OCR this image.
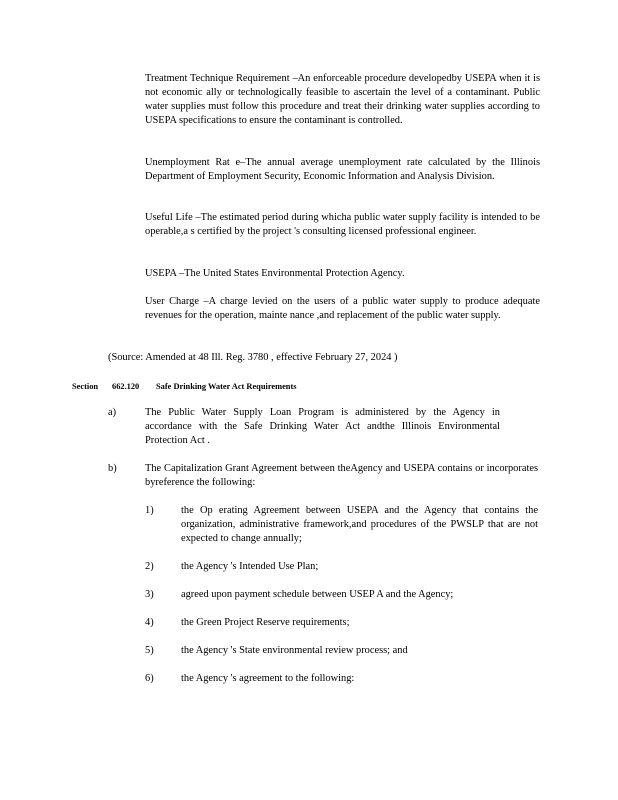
Treatment Technique Requirement –An enforceable procedure developedby USEPA when it is not economic ally or technologically feasible to ascertain the level of a contaminant. Public water supplies must follow this procedure and treat their drinking water supplies according to USEPA specifications to ensure the contaminant is controlled.

Unemployment Rat e–The annual average unemployment rate calculated by the Illinois Department of Employment Security, Economic Information and Analysis Division.

Useful Life –The estimated period during whicha public water supply facility is intended to be operable,a s certified by the project 's consulting licensed professional engineer.

USEPA –The United States Environmental Protection Agency.

User Charge –A charge levied on the users of a public water supply to produce adequate revenues for the operation, mainte nance ,and replacement of the public water supply.

(Source: Amended at 48 Ill. Reg. 3780 , effective February 27, 2024 )
Section 662.120 Safe Drinking Water Act Requirements
a)	The Public Water Supply Loan Program is administered by the Agency in accordance with the Safe Drinking Water Act andthe Illinois Environmental Protection Act .

b)	The Capitalization Grant Agreement between theAgency and USEPA contains or incorporates byreference the following:

1)	the Op erating Agreement between USEPA and the Agency that contains the organization, administrative framework,and procedures of the PWSLP that are not expected to change annually;

2)	the Agency 's Intended Use Plan;

3)	agreed upon payment schedule between USEP A and the Agency;

4)	the Green Project Reserve requirements;

5)	the Agency 's State environmental review process; and

6)	the Agency 's agreement to the following:
